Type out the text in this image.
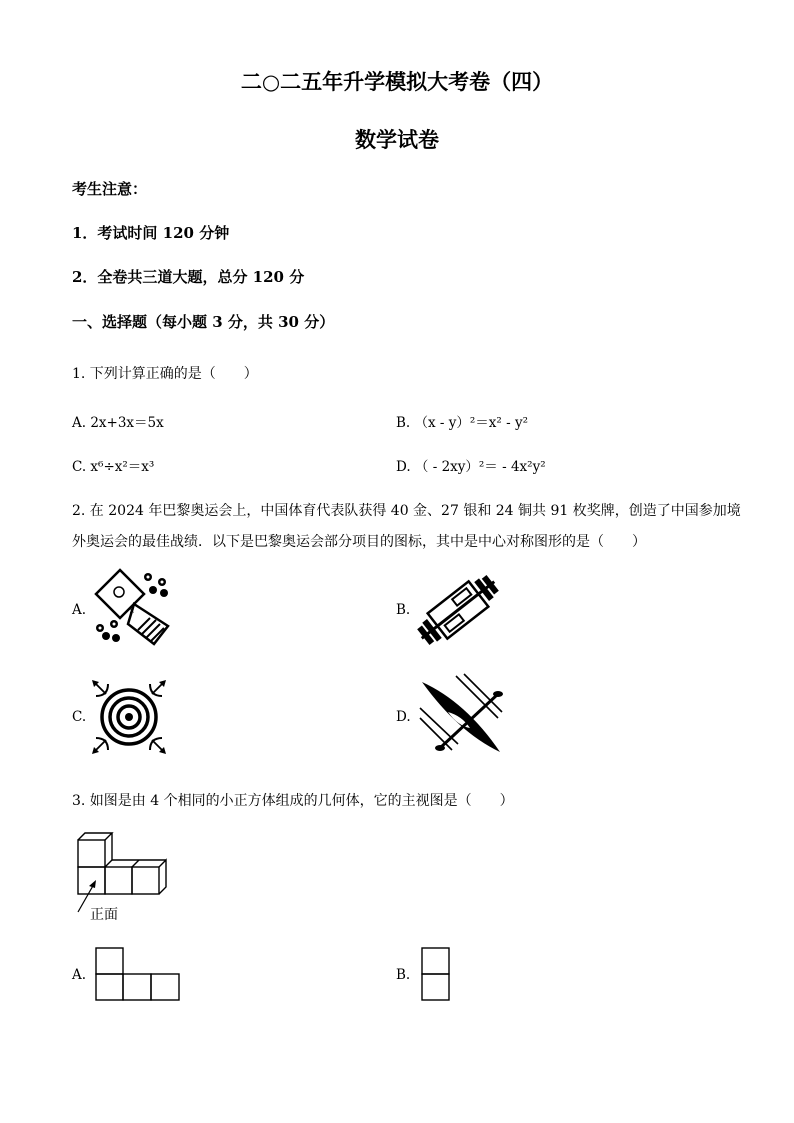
二○二五年升学模拟大考卷（四）
数学试卷
考生注意：
1．考试时间 120 分钟
2．全卷共三道大题，总分 120 分
一、选择题（每小题 3 分，共 30 分）
1. 下列计算正确的是（　　）
A. 2x+3x＝5x	B. （x - y）²＝x² - y²
C. x⁶÷x²＝x³	D. （ - 2xy）²＝ - 4x²y²
2. 在 2024 年巴黎奥运会上，中国体育代表队获得 40 金、27 银和 24 铜共 91 枚奖牌，创造了中国参加境
外奥运会的最佳战绩．以下是巴黎奥运会部分项目的图标，其中是中心对称图形的是（　　）
A.	×	B.
C.	D.
3. 如图是由 4 个相同的小正方体组成的几何体，它的主视图是（　　）
正面
A.	B.
